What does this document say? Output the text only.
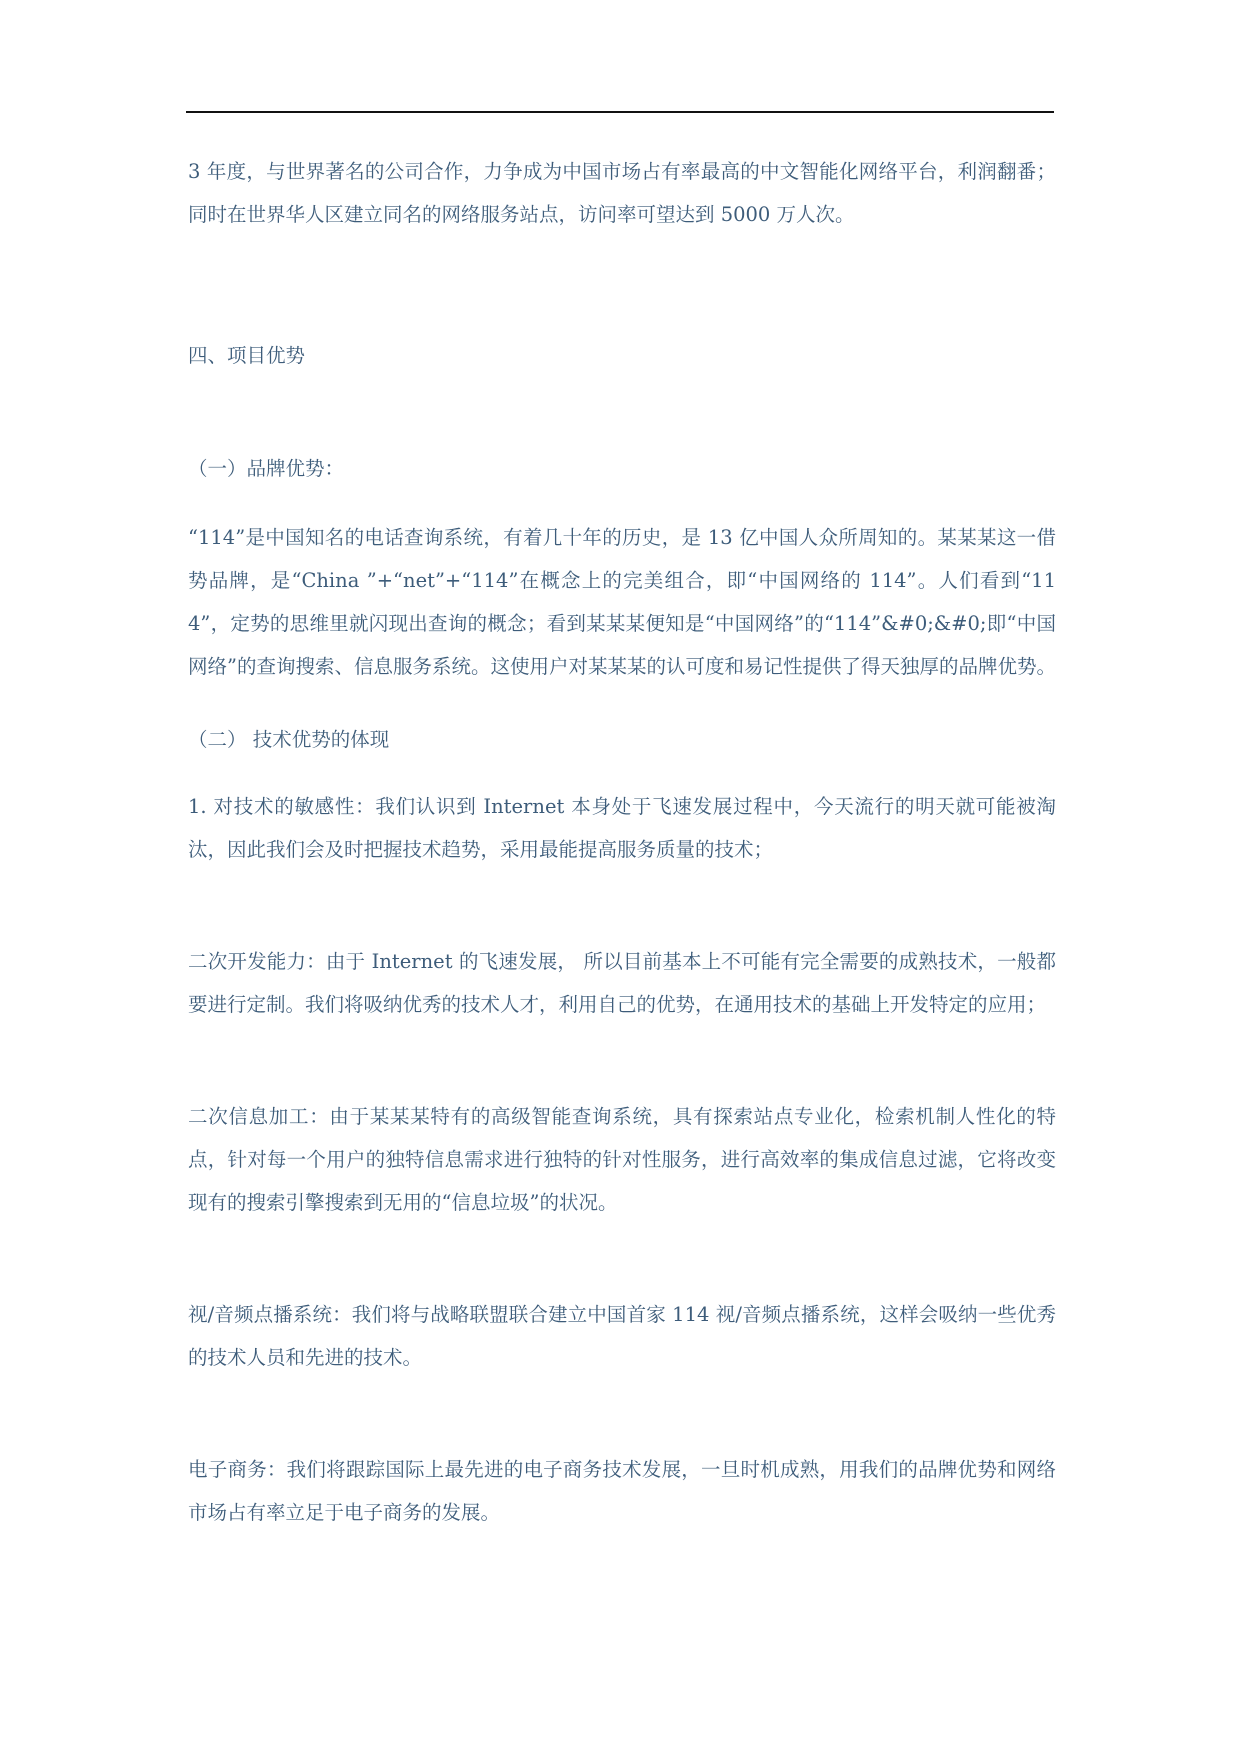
3 年度，与世界著名的公司合作，力争成为中国市场占有率最高的中文智能化网络平台，利润翻番；同时在世界华人区建立同名的网络服务站点，访问率可望达到 5000 万人次。
四、项目优势
（一）品牌优势：
“114”是中国知名的电话查询系统，有着几十年的历史，是 13 亿中国人众所周知的。某某某这一借势品牌，是“China ”+“net”+“114”在概念上的完美组合，即“中国网络的 114”。人们看到“114”，定势的思维里就闪现出查询的概念；看到某某某便知是“中国网络”的“114”&#0;&#0;即“中国网络”的查询搜索、信息服务系统。这使用户对某某某的认可度和易记性提供了得天独厚的品牌优势。
（二） 技术优势的体现
1. 对技术的敏感性：我们认识到 Internet 本身处于飞速发展过程中，今天流行的明天就可能被淘汰，因此我们会及时把握技术趋势，采用最能提高服务质量的技术；
二次开发能力：由于 Internet 的飞速发展， 所以目前基本上不可能有完全需要的成熟技术，一般都要进行定制。我们将吸纳优秀的技术人才，利用自己的优势，在通用技术的基础上开发特定的应用；
二次信息加工：由于某某某特有的高级智能查询系统，具有探索站点专业化，检索机制人性化的特点，针对每一个用户的独特信息需求进行独特的针对性服务，进行高效率的集成信息过滤，它将改变现有的搜索引擎搜索到无用的“信息垃圾”的状况。
视/音频点播系统：我们将与战略联盟联合建立中国首家 114 视/音频点播系统，这样会吸纳一些优秀的技术人员和先进的技术。
电子商务：我们将跟踪国际上最先进的电子商务技术发展，一旦时机成熟，用我们的品牌优势和网络市场占有率立足于电子商务的发展。
